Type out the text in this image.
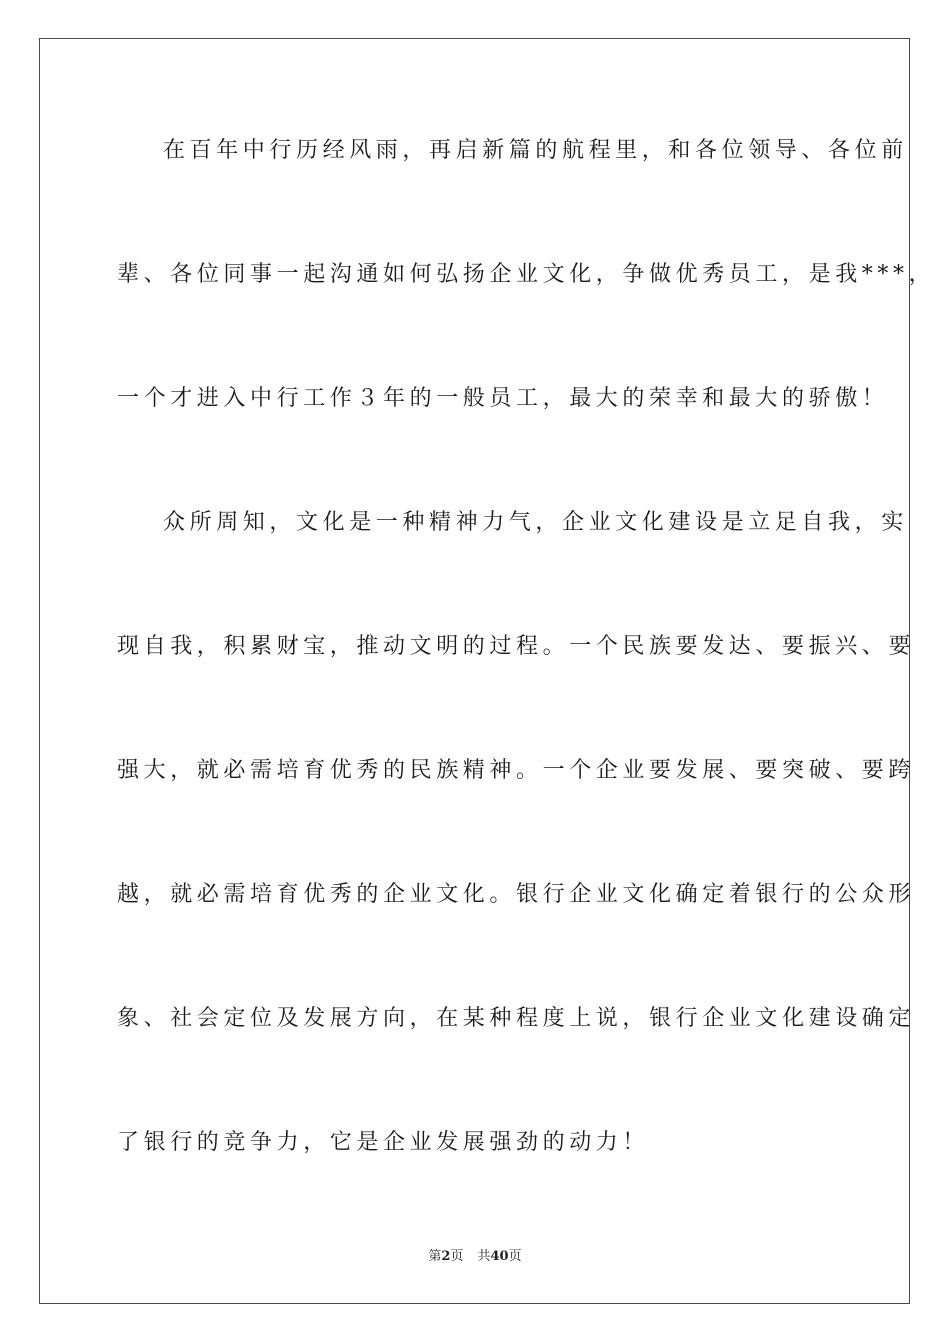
在百年中行历经风雨，再启新篇的航程里，和各位领导、各位前
辈、各位同事一起沟通如何弘扬企业文化，争做优秀员工，是我***，
一个才进入中行工作３年的一般员工，最大的荣幸和最大的骄傲！
众所周知，文化是一种精神力气，企业文化建设是立足自我，实
现自我，积累财宝，推动文明的过程。一个民族要发达、要振兴、要
强大，就必需培育优秀的民族精神。一个企业要发展、要突破、要跨
越，就必需培育优秀的企业文化。银行企业文化确定着银行的公众形
象、社会定位及发展方向，在某种程度上说，银行企业文化建设确定
了银行的竞争力，它是企业发展强劲的动力！
第2页 共40页
